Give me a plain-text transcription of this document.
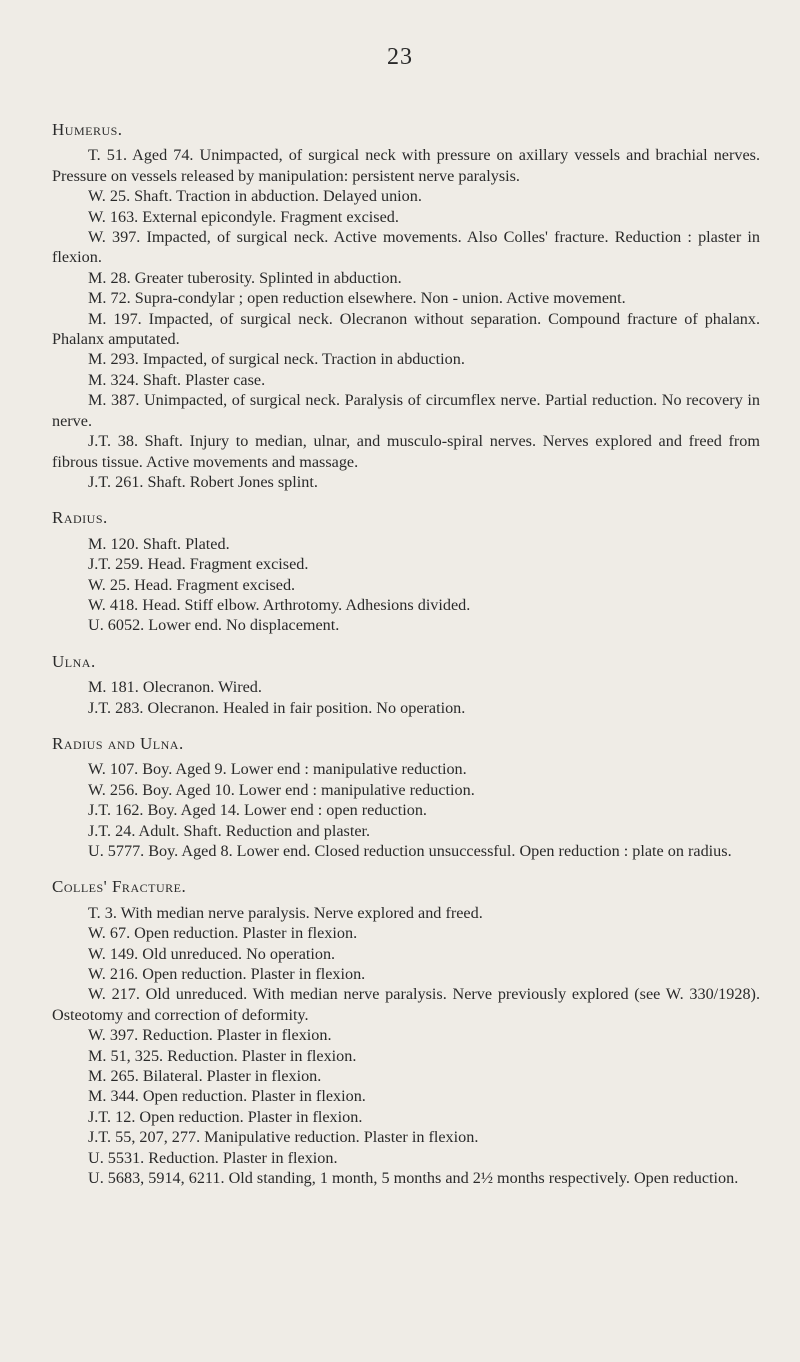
23

Humerus.

T. 51. Aged 74. Unimpacted, of surgical neck with pressure on axillary vessels and brachial nerves. Pressure on vessels released by manipulation: persistent nerve paralysis.

W. 25. Shaft. Traction in abduction. Delayed union.

W. 163. External epicondyle. Fragment excised.

W. 397. Impacted, of surgical neck. Active movements. Also Colles' fracture. Reduction : plaster in flexion.

M. 28. Greater tuberosity. Splinted in abduction.

M. 72. Supra-condylar ; open reduction elsewhere. Non - union. Active movement.

M. 197. Impacted, of surgical neck. Olecranon without separation. Compound fracture of phalanx. Phalanx amputated.

M. 293. Impacted, of surgical neck. Traction in abduction.

M. 324. Shaft. Plaster case.

M. 387. Unimpacted, of surgical neck. Paralysis of circumflex nerve. Partial reduction. No recovery in nerve.

J.T. 38. Shaft. Injury to median, ulnar, and musculo-spiral nerves. Nerves explored and freed from fibrous tissue. Active movements and massage.

J.T. 261. Shaft. Robert Jones splint.

Radius.

M. 120. Shaft. Plated.

J.T. 259. Head. Fragment excised.

W. 25. Head. Fragment excised.

W. 418. Head. Stiff elbow. Arthrotomy. Adhesions divided.

U. 6052. Lower end. No displacement.

Ulna.

M. 181. Olecranon. Wired.

J.T. 283. Olecranon. Healed in fair position. No operation.

Radius and Ulna.

W. 107. Boy. Aged 9. Lower end : manipulative reduction.

W. 256. Boy. Aged 10. Lower end : manipulative reduction.

J.T. 162. Boy. Aged 14. Lower end : open reduction.

J.T. 24. Adult. Shaft. Reduction and plaster.

U. 5777. Boy. Aged 8. Lower end. Closed reduction unsuccessful. Open reduction : plate on radius.

Colles' Fracture.

T. 3. With median nerve paralysis. Nerve explored and freed.

W. 67. Open reduction. Plaster in flexion.

W. 149. Old unreduced. No operation.

W. 216. Open reduction. Plaster in flexion.

W. 217. Old unreduced. With median nerve paralysis. Nerve previously explored (see W. 330/1928). Osteotomy and correction of deformity.

W. 397. Reduction. Plaster in flexion.

M. 51, 325. Reduction. Plaster in flexion.

M. 265. Bilateral. Plaster in flexion.

M. 344. Open reduction. Plaster in flexion.

J.T. 12. Open reduction. Plaster in flexion.

J.T. 55, 207, 277. Manipulative reduction. Plaster in flexion.

U. 5531. Reduction. Plaster in flexion.

U. 5683, 5914, 6211. Old standing, 1 month, 5 months and 2½ months respectively. Open reduction.
